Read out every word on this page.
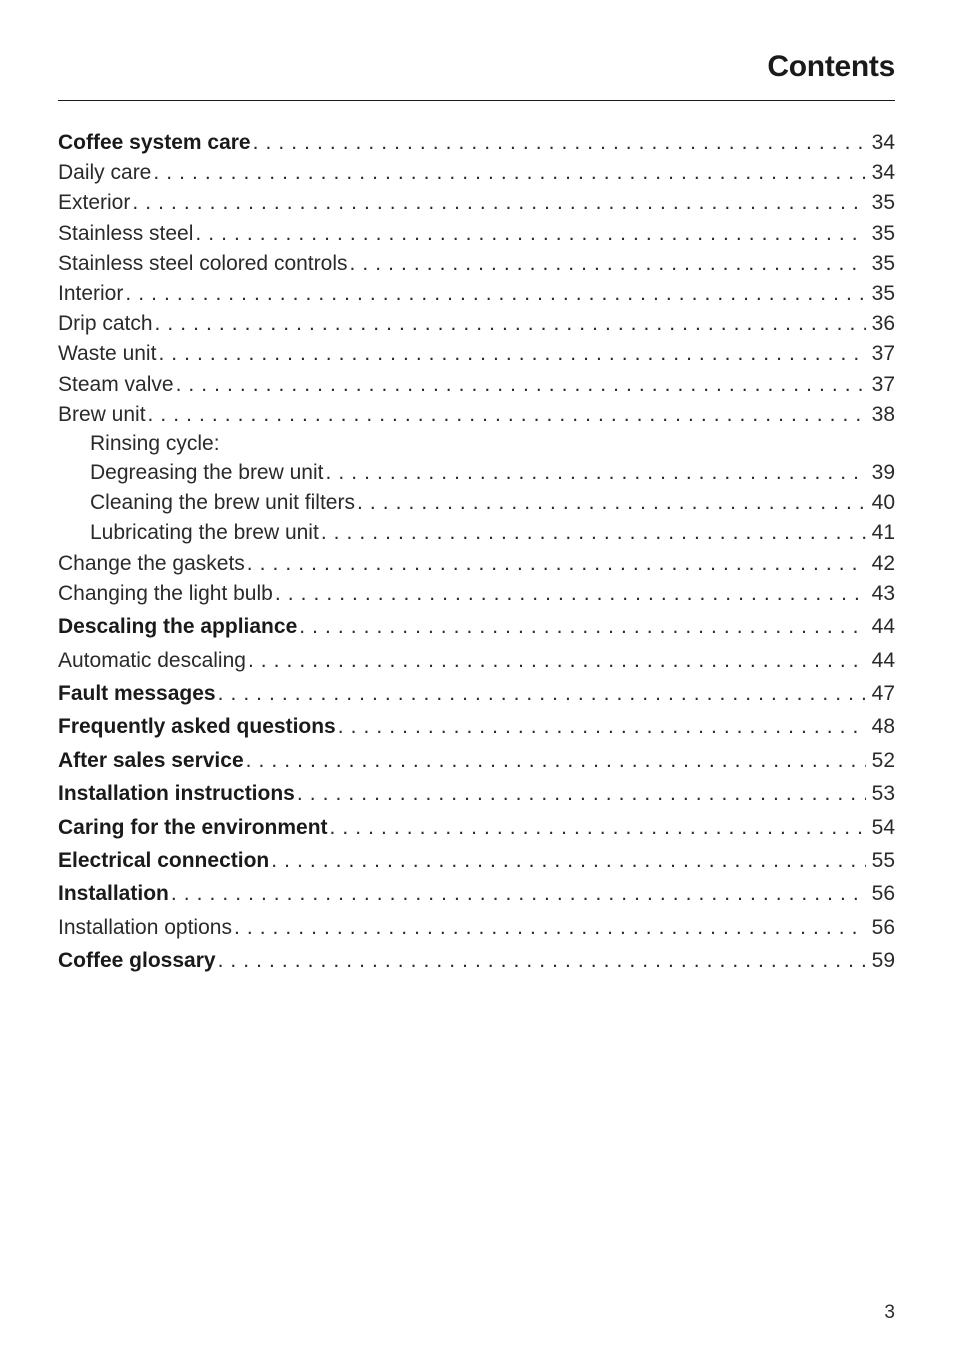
Contents
Coffee system care . . .	34
Daily care . . .	34
Exterior . . .	35
Stainless steel . . .	35
Stainless steel colored controls . . .	35
Interior . . .	35
Drip catch . . .	36
Waste unit . . .	37
Steam valve . . .	37
Brew unit . . .	38
Rinsing cycle:
Degreasing the brew unit . . .	39
Cleaning the brew unit filters . . .	40
Lubricating the brew unit . . .	41
Change the gaskets . . .	42
Changing the light bulb . . .	43
Descaling the appliance . . .	44
Automatic descaling . . .	44
Fault messages . . .	47
Frequently asked questions . . .	48
After sales service . . .	52
Installation instructions . . .	53
Caring for the environment . . .	54
Electrical connection . . .	55
Installation . . .	56
Installation options . . .	56
Coffee glossary . . .	59
3
